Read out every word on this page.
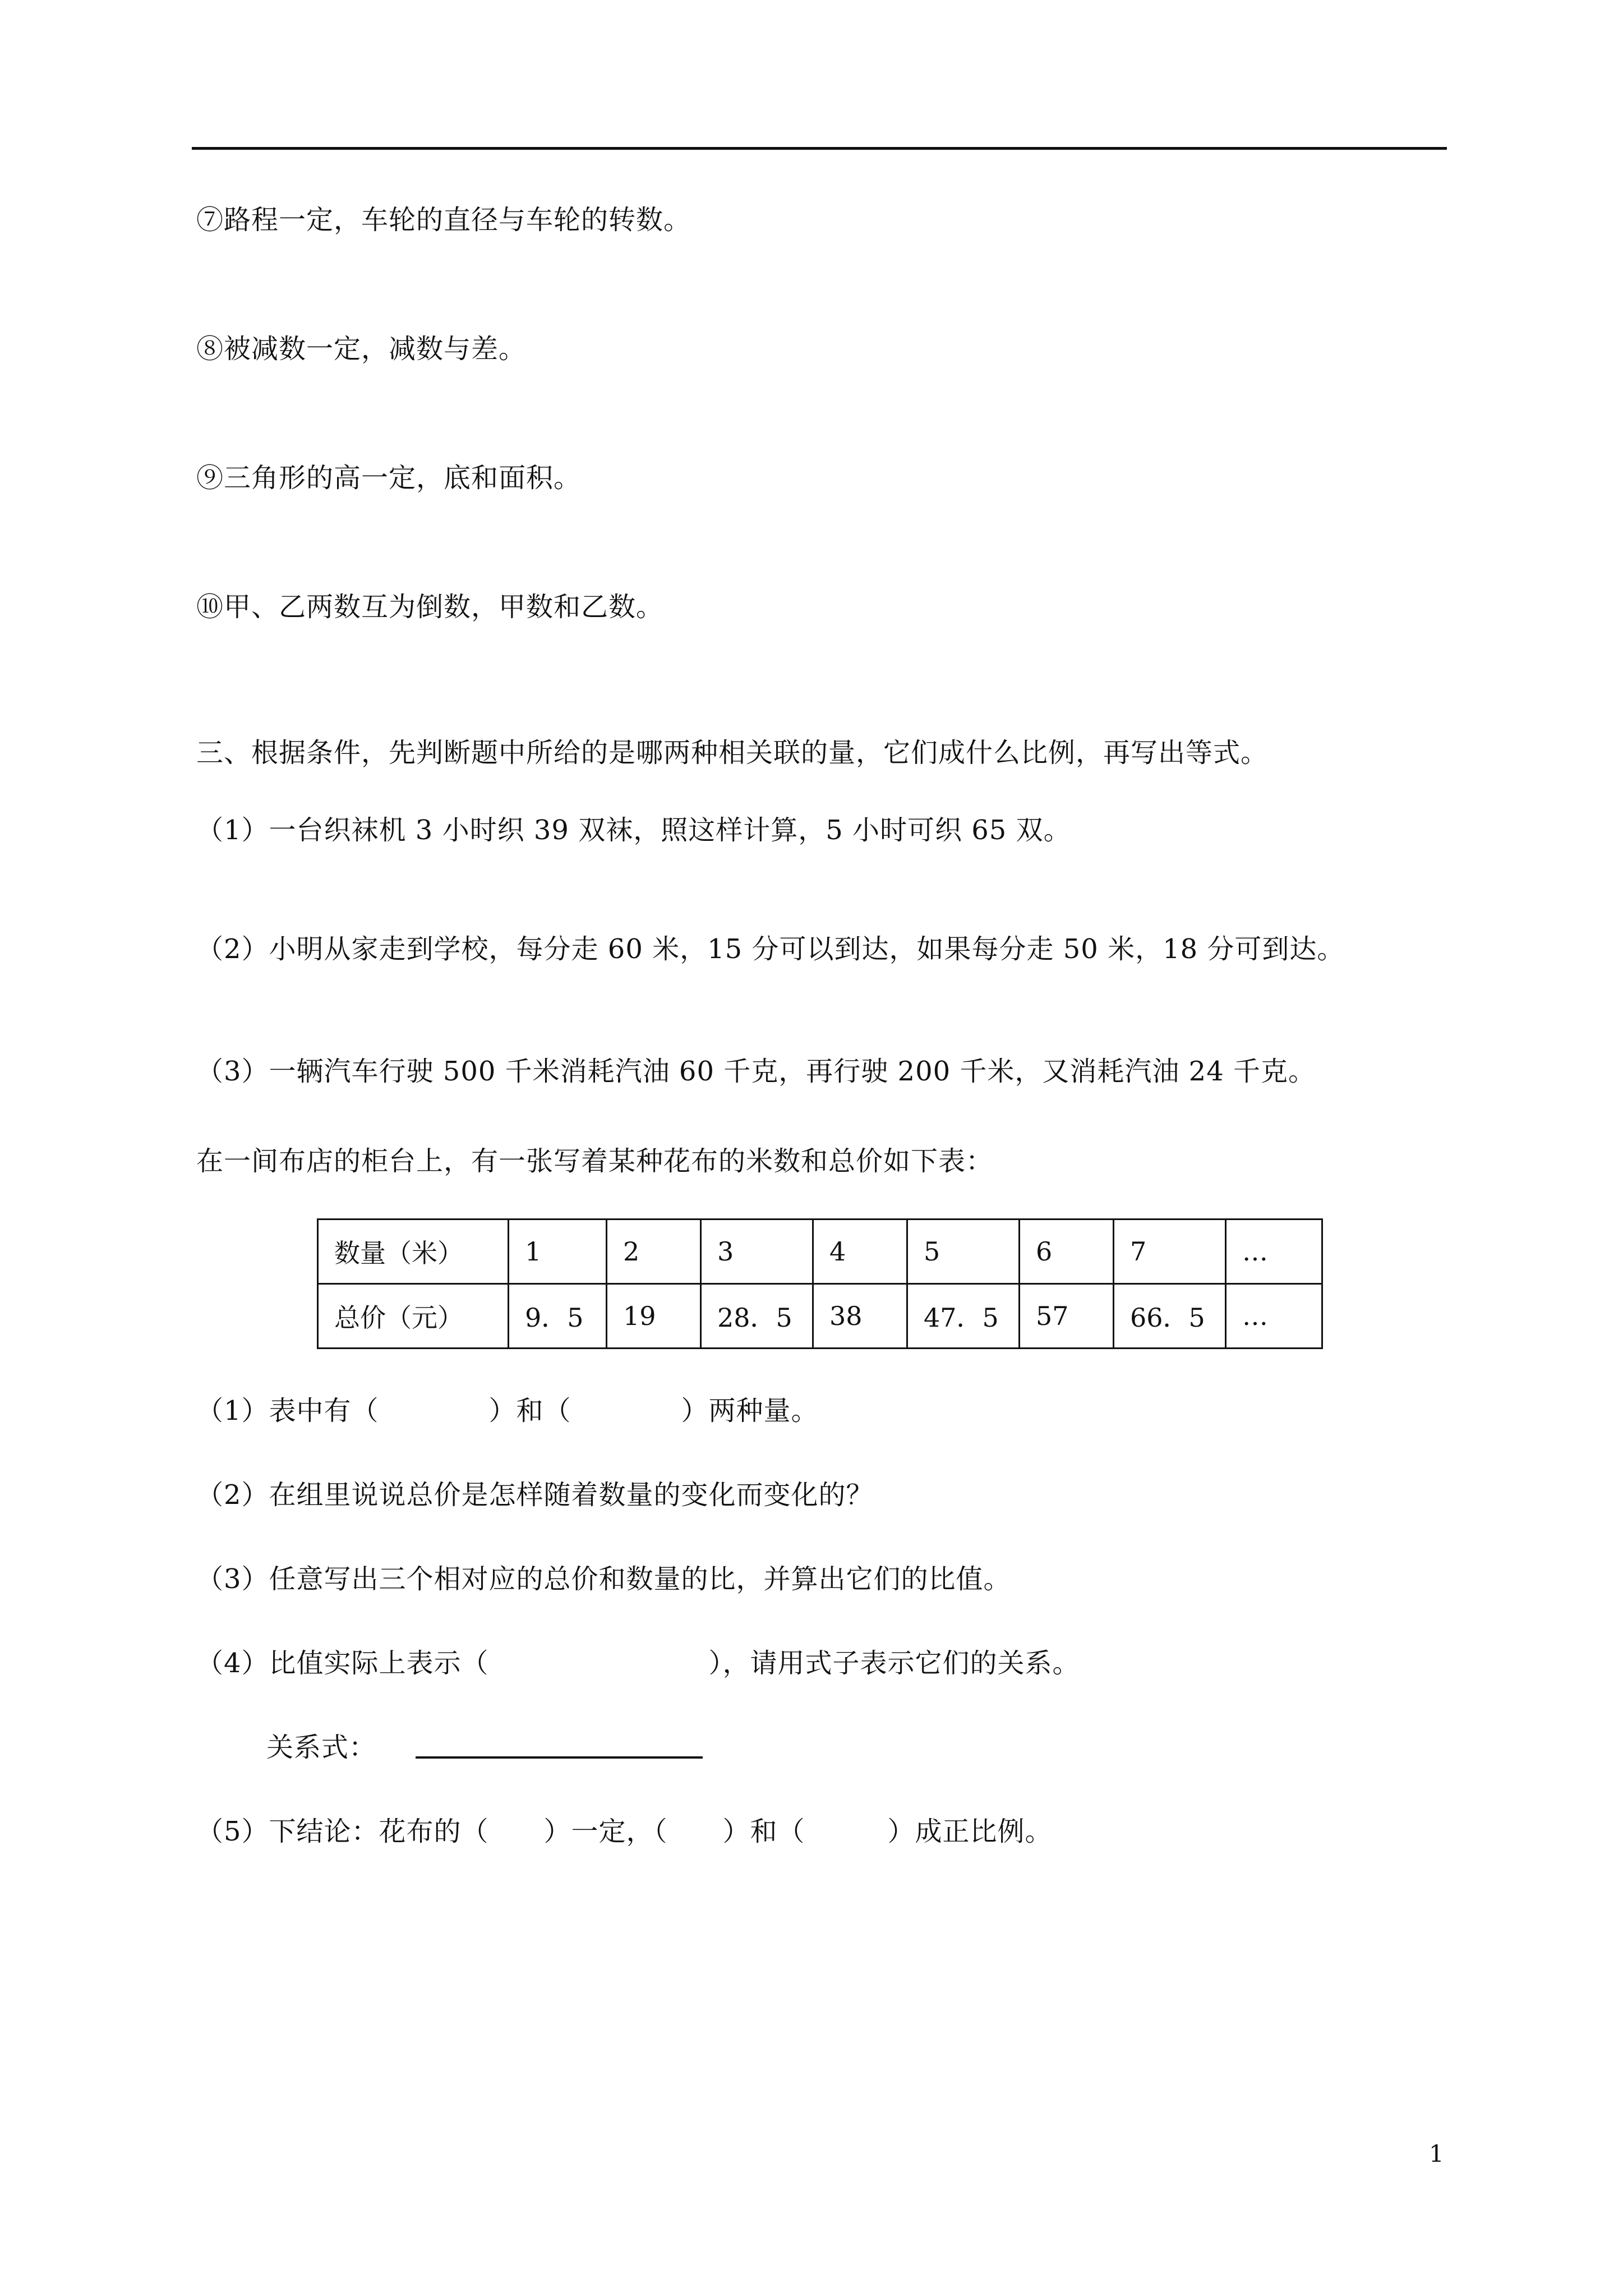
⑦路程一定，车轮的直径与车轮的转数。
⑧被减数一定，减数与差。
⑨三角形的高一定，底和面积。
⑩甲、乙两数互为倒数，甲数和乙数。
三、根据条件，先判断题中所给的是哪两种相关联的量，它们成什么比例，再写出等式。
（1）一台织袜机 3 小时织 39 双袜，照这样计算，5 小时可织 65 双。
（2）小明从家走到学校，每分走 60 米，15 分可以到达，如果每分走 50 米，18 分可到达。
（3）一辆汽车行驶 500 千米消耗汽油 60 千克，再行驶 200 千米，又消耗汽油 24 千克。
在一间布店的柜台上，有一张写着某种花布的米数和总价如下表：
数量（米）	1	2	3	4	5	6	7	…
总价（元）	9．5	19	28．5	38	47．5	57	66．5	…
（1）表中有（　　　　）和（　　　　）两种量。
（2）在组里说说总价是怎样随着数量的变化而变化的？
（3）任意写出三个相对应的总价和数量的比，并算出它们的比值。
（4）比值实际上表示（　　　　　　　　），请用式子表示它们的关系。
关系式：
（5）下结论：花布的（　　）一定，（　　）和（　　　）成正比例。
1
